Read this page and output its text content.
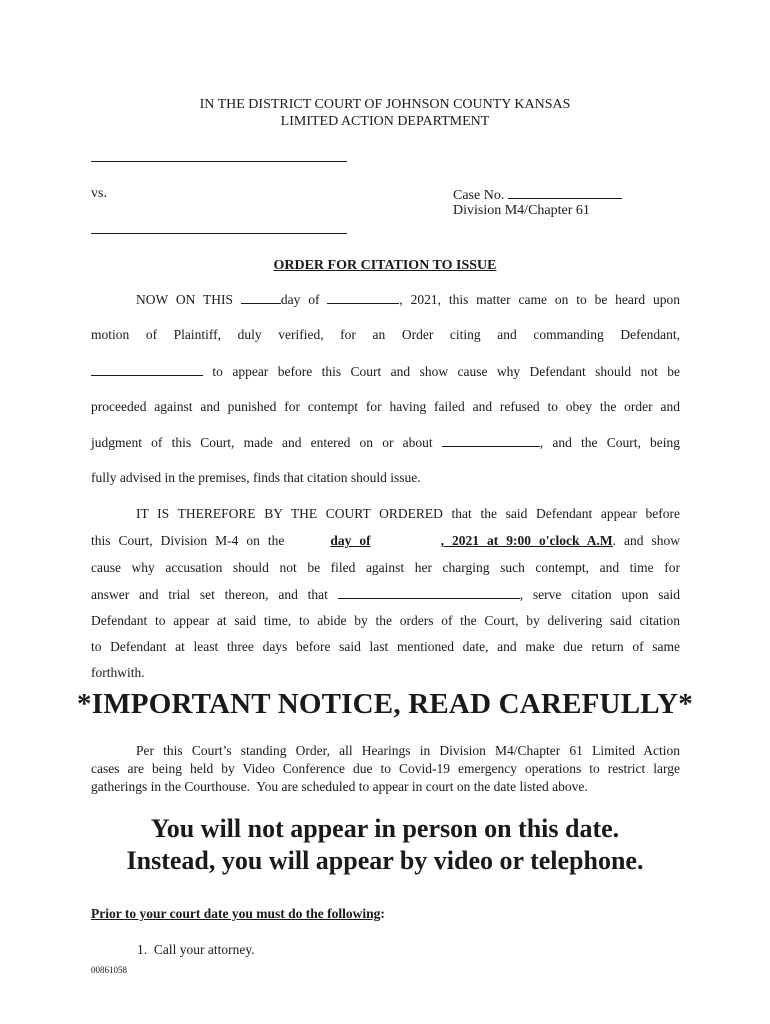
IN THE DISTRICT COURT OF JOHNSON COUNTY KANSAS
LIMITED ACTION DEPARTMENT
vs.	Case No.
Division M4/Chapter 61
ORDER FOR CITATION TO ISSUE
NOW ON THIS	day of	, 2021, this matter came on to be heard upon
motion of Plaintiff, duly verified, for an Order citing and commanding Defendant,
to appear before this Court and show cause why Defendant should not be
proceeded against and punished for contempt for having failed and refused to obey the order and
judgment of this Court, made and entered on or about	, and the Court, being
fully advised in the premises, finds that citation should issue.
IT IS THEREFORE BY THE COURT ORDERED that the said Defendant appear before
this Court, Division M-4 on the	day of	, 2021 at 9:00 o'clock A.M. and show
cause why accusation should not be filed against her charging such contempt, and time for
answer and trial set thereon, and that	, serve citation upon said
Defendant to appear at said time, to abide by the orders of the Court, by delivering said citation
to Defendant at least three days before said last mentioned date, and make due return of same
forthwith.
*IMPORTANT NOTICE, READ CAREFULLY*
Per this Court’s standing Order, all Hearings in Division M4/Chapter 61 Limited Action
cases are being held by Video Conference due to Covid-19 emergency operations to restrict large
gatherings in the Courthouse.  You are scheduled to appear in court on the date listed above.
You will not appear in person on this date.
Instead, you will appear by video or telephone.
Prior to your court date you must do the following:
1.  Call your attorney.
00861058
